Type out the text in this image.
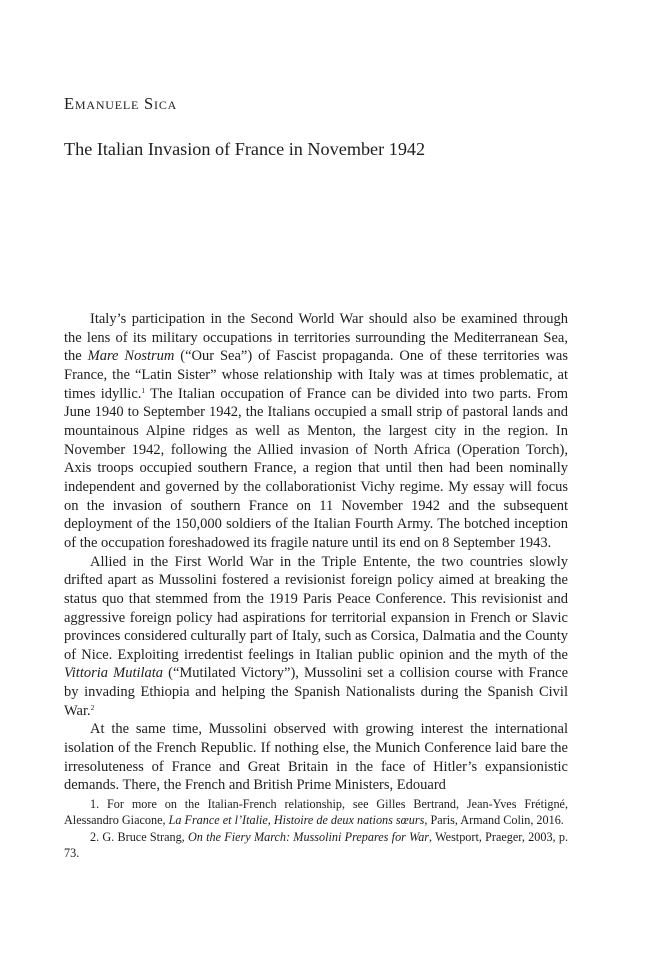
Emanuele Sica
The Italian Invasion of France in November 1942

Italy’s participation in the Second World War should also be examined through the lens of its military occupations in territories surrounding the Mediterranean Sea, the Mare Nostrum (“Our Sea”) of Fascist propaganda. One of these territories was France, the “Latin Sister” whose relationship with Italy was at times problematic, at times idyllic.$^1$ The Italian occupation of France can be divided into two parts. From June 1940 to September 1942, the Italians occupied a small strip of pastoral lands and mountainous Alpine ridges as well as Menton, the largest city in the region. In November 1942, following the Allied invasion of North Africa (Operation Torch), Axis troops occupied southern France, a region that until then had been nominally independent and governed by the collaborationist Vichy regime. My essay will focus on the invasion of southern France on 11 November 1942 and the subsequent deployment of the 150,000 soldiers of the Italian Fourth Army. The botched inception of the occupation foreshadowed its fragile nature until its end on 8 September 1943.

Allied in the First World War in the Triple Entente, the two countries slowly drifted apart as Mussolini fostered a revisionist foreign policy aimed at breaking the status quo that stemmed from the 1919 Paris Peace Conference. This revisionist and aggressive foreign policy had aspirations for territorial expansion in French or Slavic provinces considered culturally part of Italy, such as Corsica, Dalmatia and the County of Nice. Exploiting irredentist feelings in Italian public opinion and the myth of the Vittoria Mutilata (“Mutilated Victory”), Mussolini set a collision course with France by invading Ethiopia and helping the Spanish Nationalists during the Spanish Civil War.$^2$

At the same time, Mussolini observed with growing interest the international isolation of the French Republic. If nothing else, the Munich Conference laid bare the irresoluteness of France and Great Britain in the face of Hitler’s expansionistic demands. There, the French and British Prime Ministers, Edouard

1. For more on the Italian-French relationship, see Gilles Bertrand, Jean-Yves Frétigné, Alessandro Giacone, La France et l’Italie, Histoire de deux nations sœurs, Paris, Armand Colin, 2016.

2. G. Bruce Strang, On the Fiery March: Mussolini Prepares for War, Westport, Praeger, 2003, p. 73.
